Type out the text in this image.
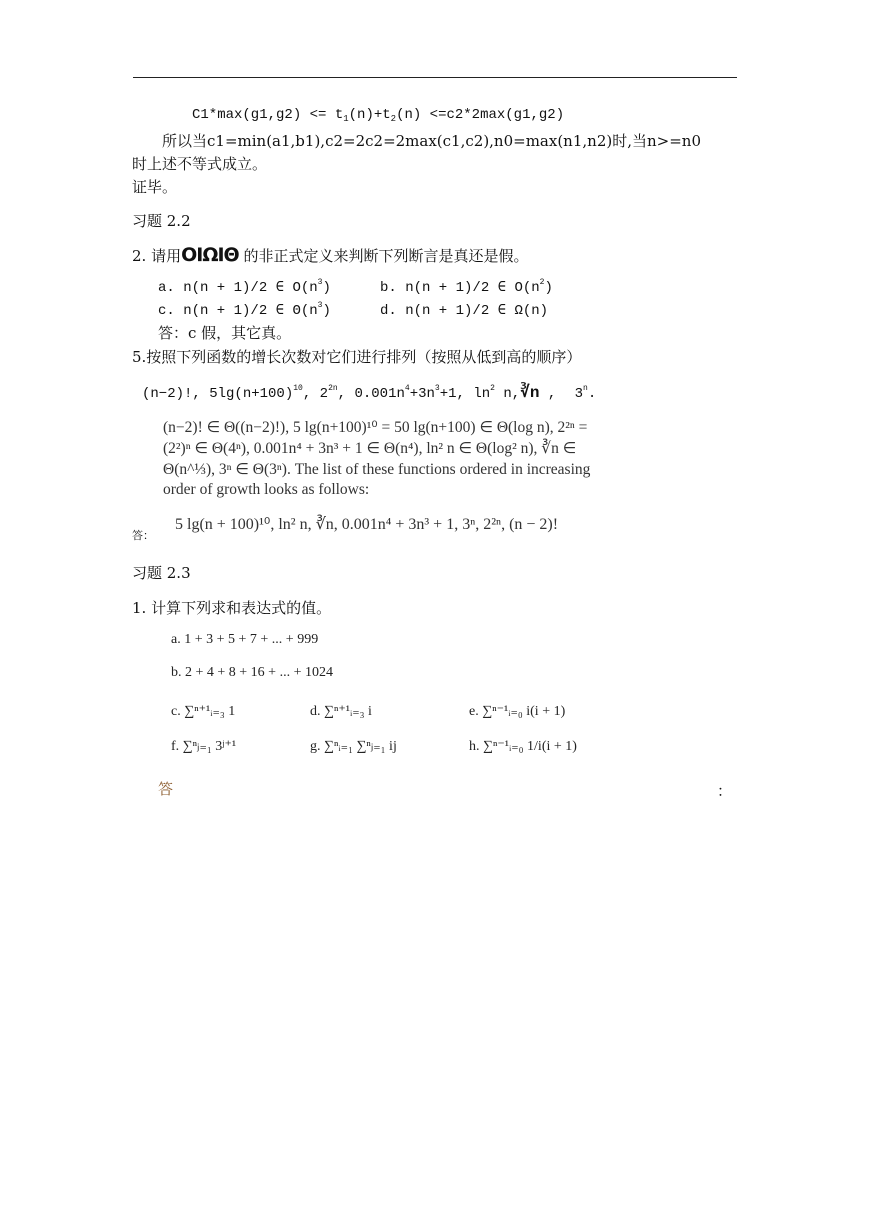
$C1*\max(g1,g2) <= t_1(n)+t_2(n) <=c2*2\max(g1,g2)$
所以当c1=min(a1,b1),c2=2c2=2max(c1,c2),n0=max(n1,n2)时,当n>=n0
时上述不等式成立。
证毕。
习题 2.2
2. 请用OΙΩΙΘ 的非正式定义来判断下列断言是真还是假。
a. n(n + 1)/2 ∈ $O(n^3)$	b. n(n + 1)/2 ∈ $O(n^2)$
c. n(n + 1)/2 ∈ $\Theta(n^3)$	d. n(n + 1)/2 ∈ Ω(n)
答：c 假，其它真。
5.按照下列函数的增长次数对它们进行排列（按照从低到高的顺序）
(n−2)!, $5\lg(n+100)^{10}$, $2^{2n}$, $0.001n^4+3n^3+1$, $\ln^2$ n,∛n , 3$^n$.
(n−2)! ∈ Θ((n−2)!), 5 lg(n+100)¹⁰ = 50 lg(n+100) ∈ Θ(log n), 2²ⁿ =
(2²)ⁿ ∈ Θ(4ⁿ), 0.001n⁴ + 3n³ + 1 ∈ Θ(n⁴), ln² n ∈ Θ(log² n), ∛n ∈
Θ(n^⅓), 3ⁿ ∈ Θ(3ⁿ). The list of these functions ordered in increasing
order of growth looks as follows:
答：
5 lg(n + 100)¹⁰, ln² n, ∛n, 0.001n⁴ + 3n³ + 1, 3ⁿ, 2²ⁿ, (n − 2)!
习题 2.3
1. 计算下列求和表达式的值。
a. 1 + 3 + 5 + 7 + ... + 999
b. 2 + 4 + 8 + 16 + ... + 1024
c. ∑ⁿ⁺¹ᵢ₌₃ 1	d. ∑ⁿ⁺¹ᵢ₌₃ i	e. ∑ⁿ⁻¹ᵢ₌₀ i(i + 1)
f. ∑ⁿⱼ₌₁ 3ʲ⁺¹	g. ∑ⁿᵢ₌₁ ∑ⁿⱼ₌₁ ij	h. ∑ⁿ⁻¹ᵢ₌₀ 1/i(i + 1)
答	：
